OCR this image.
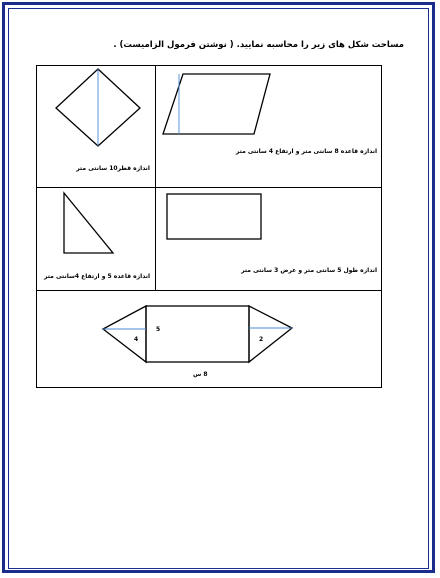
مساحت شکل های زیر را محاسبه نمایید. ( نوشتن فرمول الزامیست) .
اندازه قطر10 سانتی متر
اندازه قاعده 8 سانتی متر و ارتفاع 4 سانتی متر
اندازه قاعده 5 و ارتفاع 4سانتی متر
اندازه طول 5 سانتی متر و عرض 3 سانتی متر
4
5
2
8 س
